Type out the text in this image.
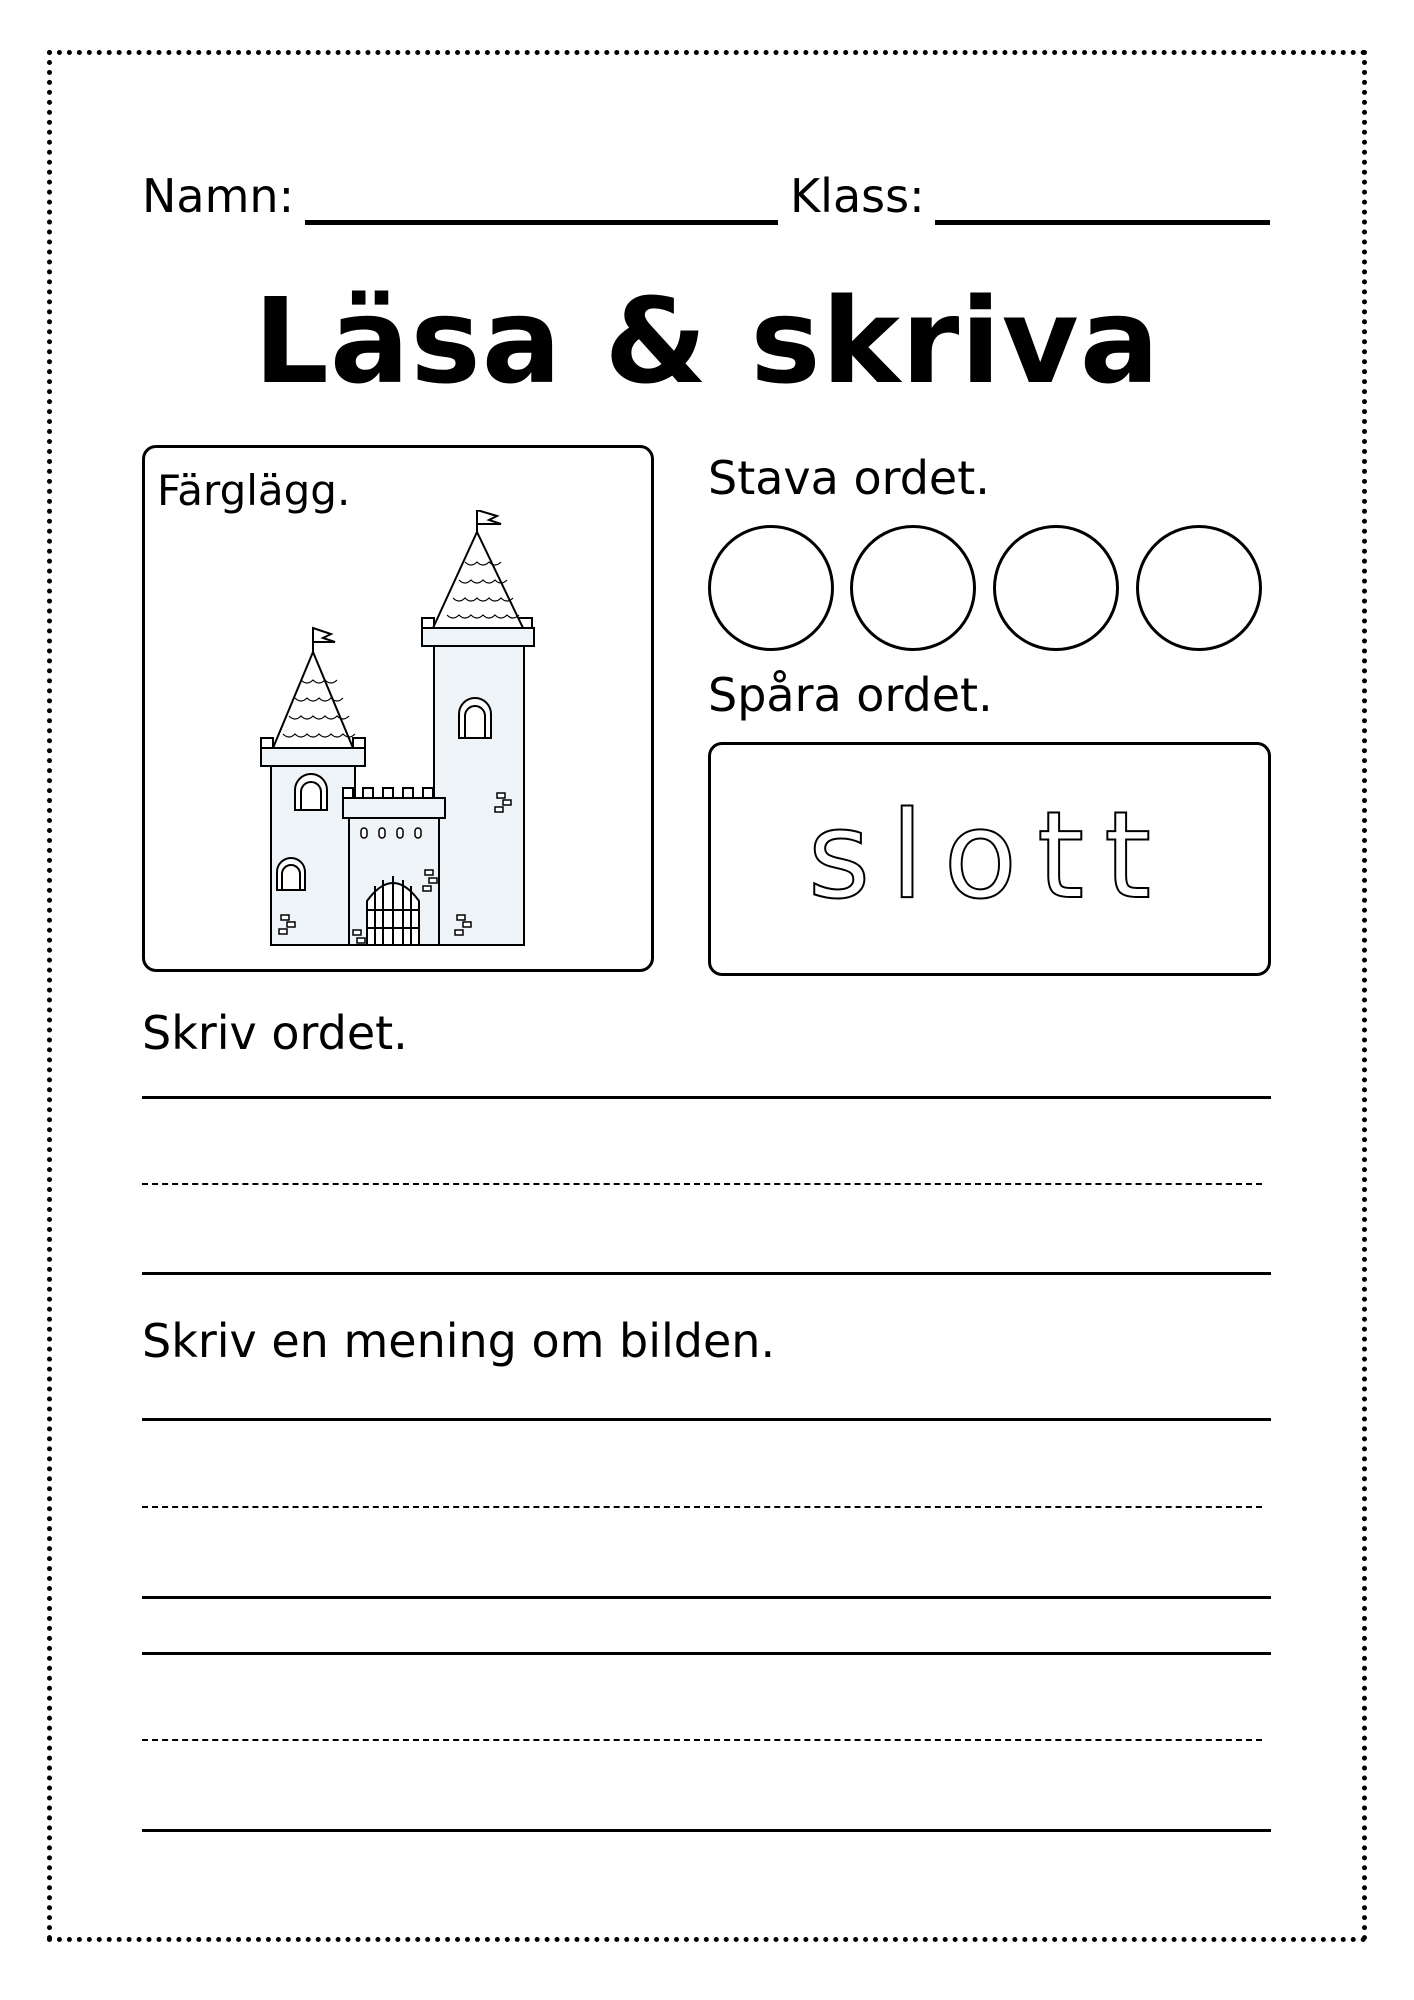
Namn:	Klass:
Läsa & skriva
Färglägg.	Stava ordet.
Spåra ordet.
slott
Skriv ordet.
Skriv en mening om bilden.
